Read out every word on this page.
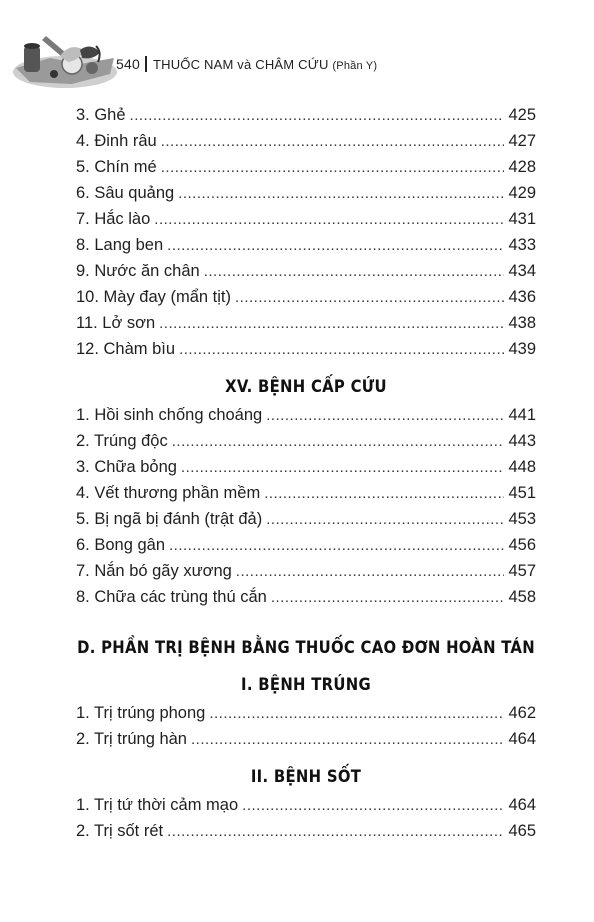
540 THUỐC NAM và CHÂM CỨU (Phần Y)
3. Ghẻ .....	425
4. Đinh râu .....	427
5. Chín mé .....	428
6. Sâu quảng .....	429
7. Hắc lào .....	431
8. Lang ben .....	433
9. Nước ăn chân .....	434
10. Mày đay (mẩn tịt) .....	436
11. Lở sơn .....	438
12. Chàm bìu .....	439
XV. BỆNH CẤP CỨU
1. Hồi sinh chống choáng .....	441
2. Trúng độc .....	443
3. Chữa bỏng .....	448
4. Vết thương phần mềm .....	451
5. Bị ngã bị đánh (trật đả) .....	453
6. Bong gân .....	456
7. Nắn bó gãy xương .....	457
8. Chữa các trùng thú cắn .....	458
D. PHẦN TRỊ BỆNH BẰNG THUỐC CAO ĐƠN HOÀN TÁN
I. BỆNH TRÚNG
1. Trị trúng phong .....	462
2. Trị trúng hàn .....	464
II. BỆNH SỐT
1. Trị tứ thời cảm mạo .....	464
2. Trị sốt rét .....	465
